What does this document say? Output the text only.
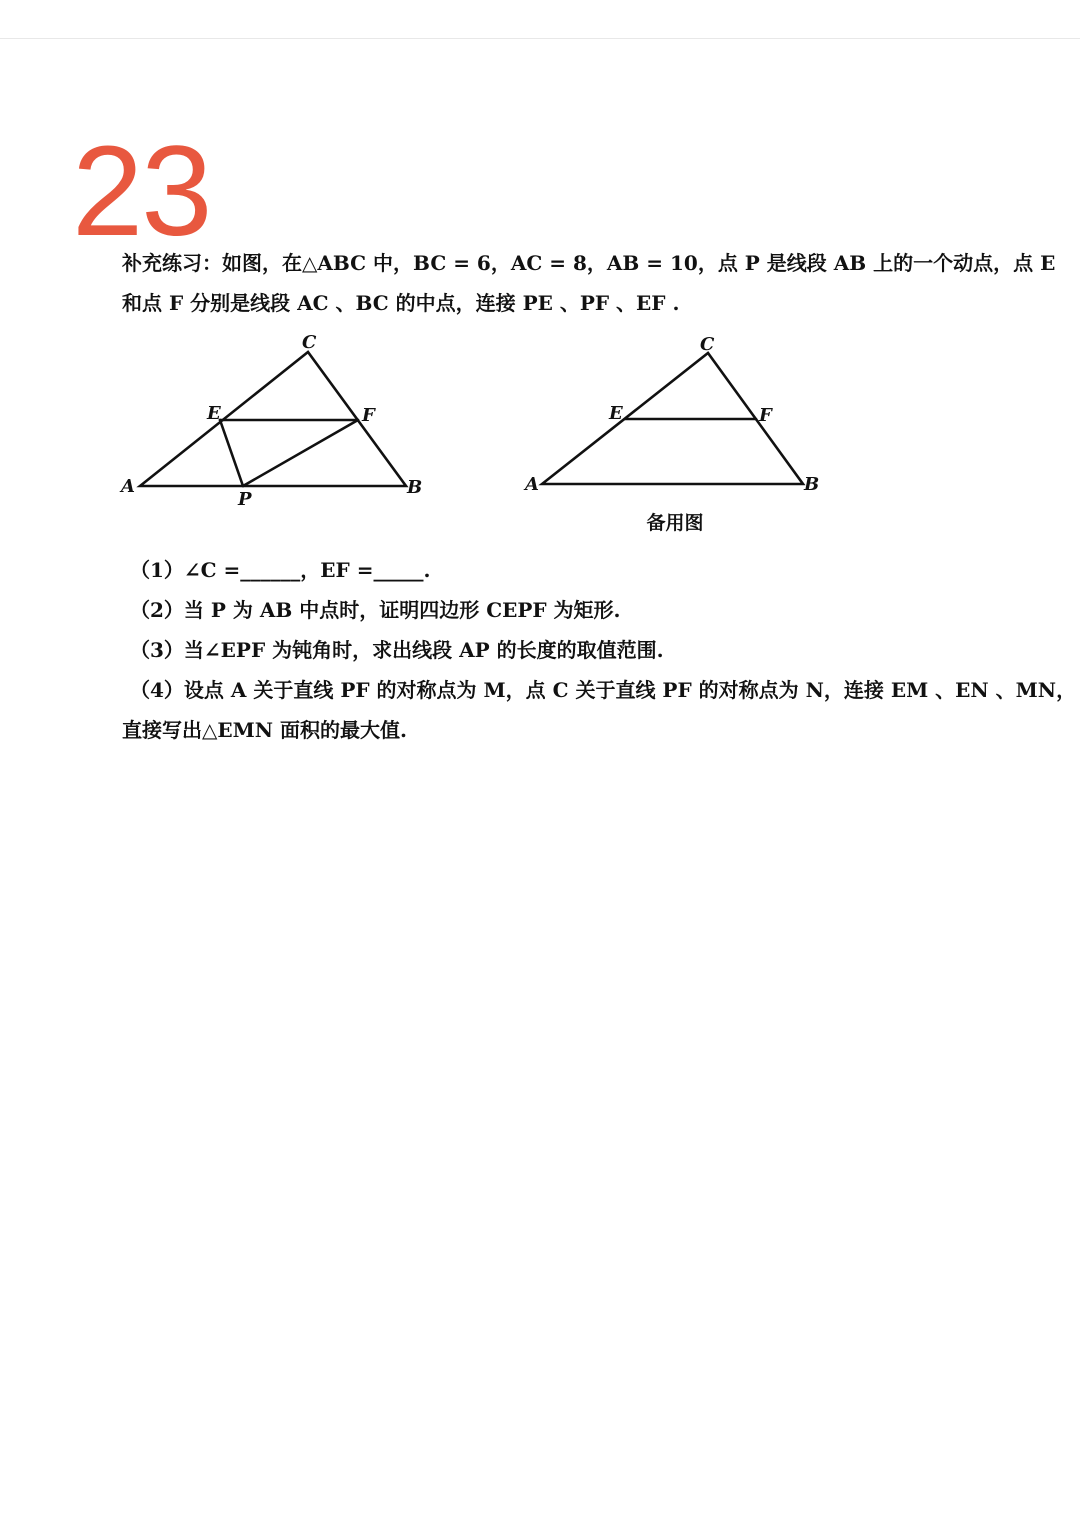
23
补充练习：如图，在△ABC 中，BC = 6，AC = 8，AB = 10，点 P 是线段 AB 上的一个动点，点 E
和点 F 分别是线段 AC 、BC 的中点，连接 PE 、PF 、EF .
A	B
C
E	F
P
A	B
C
E	F
备用图
（1）∠C =______，EF =_____.
（2）当 P 为 AB 中点时，证明四边形 CEPF 为矩形.
（3）当∠EPF 为钝角时，求出线段 AP 的长度的取值范围.
（4）设点 A 关于直线 PF 的对称点为 M，点 C 关于直线 PF 的对称点为 N，连接 EM 、EN 、MN，
直接写出△EMN 面积的最大值.
